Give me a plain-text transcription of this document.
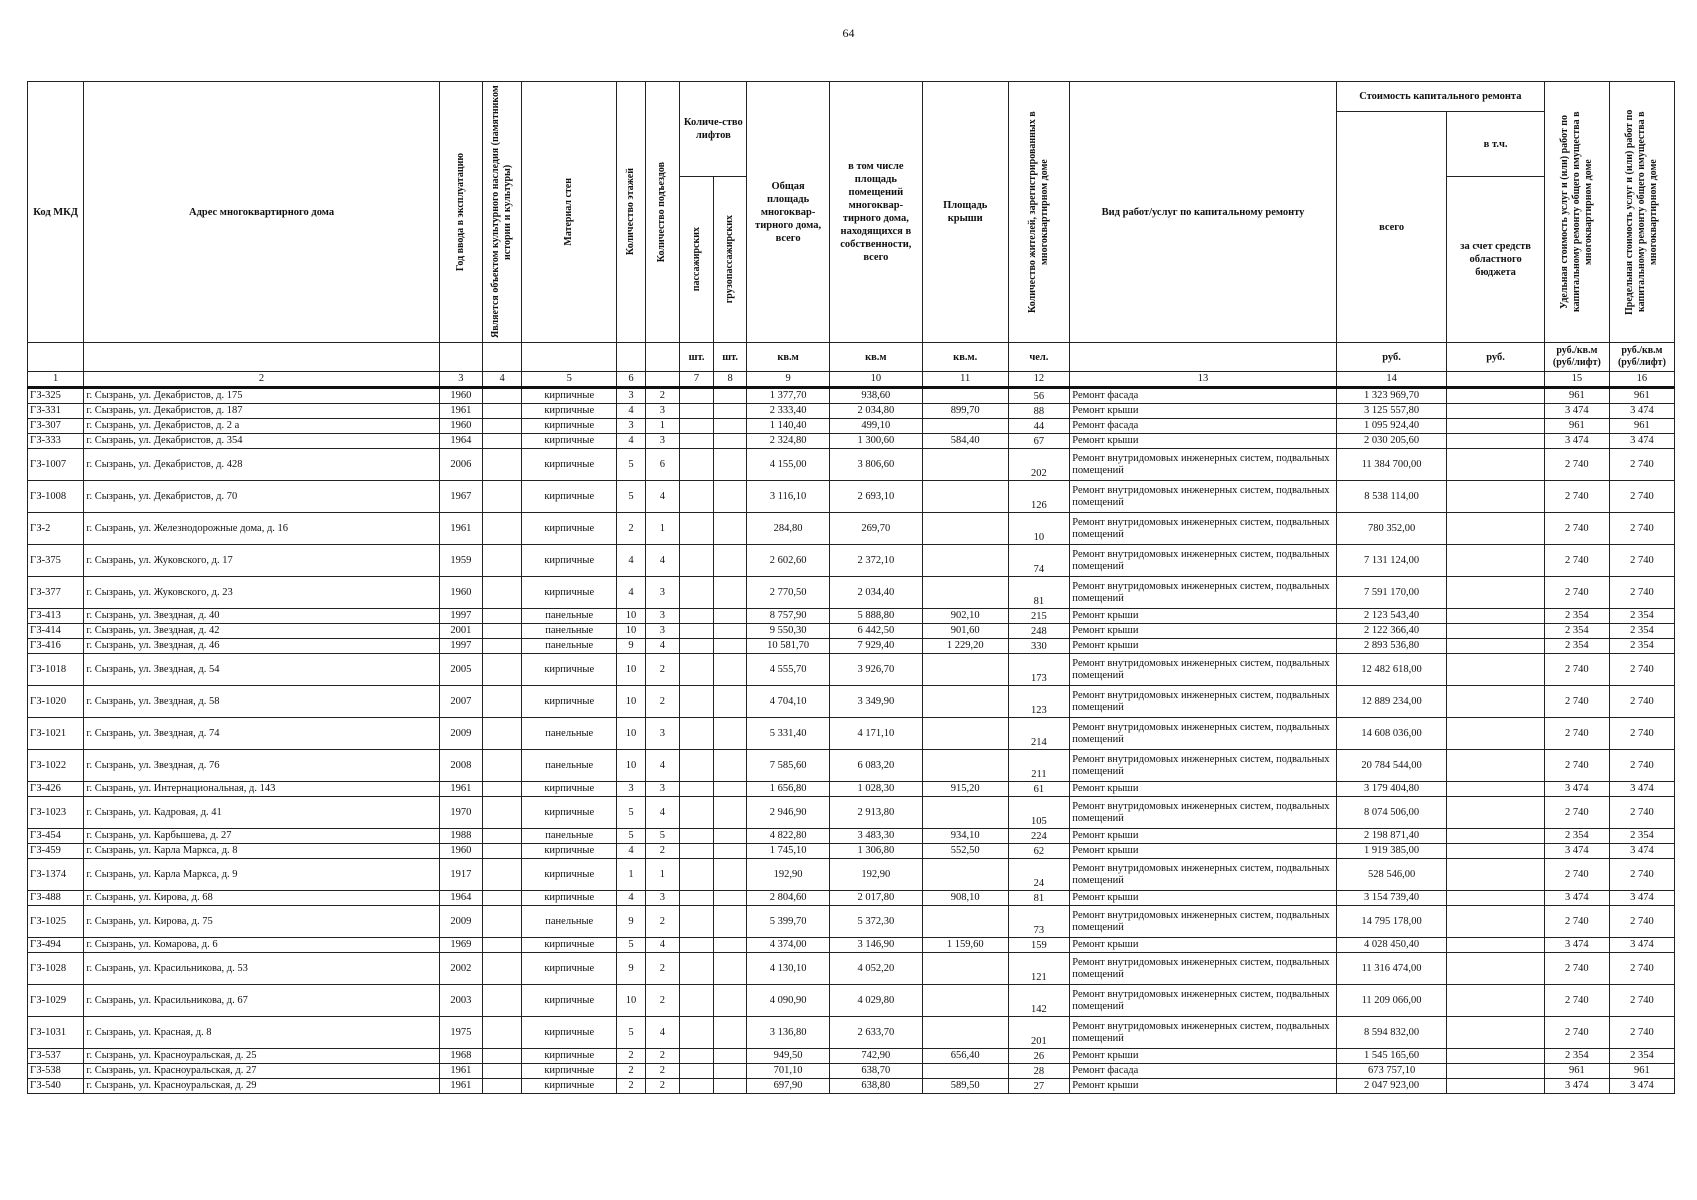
64
Код МКД	Адрес многоквартирного дома	Год ввода в эксплуатацию	Является объектом культурного наследия (памятником истории и культуры)	Материал стен	Количество этажей	Количество подъездов	Количе-ство лифтов		Общая площадь многоквар-тирного дома, всего	в том числе площадь помещений многоквар-тирного дома, находящихся в собственности, всего	Площадь крыши	Количество жителей, зарегистрированных в многоквартирном доме	Вид работ/услуг по капитальному ремонту	Стоимость капитального ремонта		Удельная стоимость услуг и (или) работ по капитальному ремонту общего имущества в многоквартирном доме	Предельная стоимость услуг и (или) работ по капитальному ремонту общего имущества в многоквартирном доме

														всего	в т.ч.		

							пассажирских	грузопассажирских							за счет средств областного бюджета		
							шт.	шт.	кв.м	кв.м	кв.м.	чел.		руб.	руб.	руб./кв.м (руб/лифт)	руб./кв.м (руб/лифт)
1	2	3	4	5	6		7	8	9	10	11	12	13	14		15	16
ГЗ-325	г. Сызрань, ул. Декабристов, д. 175	1960		кирпичные	3	2			1 377,70	938,60		56	Ремонт фасада	1 323 969,70		961	961
ГЗ-331	г. Сызрань, ул. Декабристов, д. 187	1961		кирпичные	4	3			2 333,40	2 034,80	899,70	88	Ремонт крыши	3 125 557,80		3 474	3 474
ГЗ-307	г. Сызрань, ул. Декабристов, д. 2 а	1960		кирпичные	3	1			1 140,40	499,10		44	Ремонт фасада	1 095 924,40		961	961
ГЗ-333	г. Сызрань, ул. Декабристов, д. 354	1964		кирпичные	4	3			2 324,80	1 300,60	584,40	67	Ремонт крыши	2 030 205,60		3 474	3 474
ГЗ-1007	г. Сызрань, ул. Декабристов, д. 428	2006		кирпичные	5	6			4 155,00	3 806,60		202	Ремонт внутридомовых инженерных систем, подвальных помещений	11 384 700,00		2 740	2 740
ГЗ-1008	г. Сызрань, ул. Декабристов, д. 70	1967		кирпичные	5	4			3 116,10	2 693,10		126	Ремонт внутридомовых инженерных систем, подвальных помещений	8 538 114,00		2 740	2 740
ГЗ-2	г. Сызрань, ул. Железнодорожные дома, д. 16	1961		кирпичные	2	1			284,80	269,70		10	Ремонт внутридомовых инженерных систем, подвальных помещений	780 352,00		2 740	2 740
ГЗ-375	г. Сызрань, ул. Жуковского, д. 17	1959		кирпичные	4	4			2 602,60	2 372,10		74	Ремонт внутридомовых инженерных систем, подвальных помещений	7 131 124,00		2 740	2 740
ГЗ-377	г. Сызрань, ул. Жуковского, д. 23	1960		кирпичные	4	3			2 770,50	2 034,40		81	Ремонт внутридомовых инженерных систем, подвальных помещений	7 591 170,00		2 740	2 740
ГЗ-413	г. Сызрань, ул. Звездная, д. 40	1997		панельные	10	3			8 757,90	5 888,80	902,10	215	Ремонт крыши	2 123 543,40		2 354	2 354
ГЗ-414	г. Сызрань, ул. Звездная, д. 42	2001		панельные	10	3			9 550,30	6 442,50	901,60	248	Ремонт крыши	2 122 366,40		2 354	2 354
ГЗ-416	г. Сызрань, ул. Звездная, д. 46	1997		панельные	9	4			10 581,70	7 929,40	1 229,20	330	Ремонт крыши	2 893 536,80		2 354	2 354
ГЗ-1018	г. Сызрань, ул. Звездная, д. 54	2005		кирпичные	10	2			4 555,70	3 926,70		173	Ремонт внутридомовых инженерных систем, подвальных помещений	12 482 618,00		2 740	2 740
ГЗ-1020	г. Сызрань, ул. Звездная, д. 58	2007		кирпичные	10	2			4 704,10	3 349,90		123	Ремонт внутридомовых инженерных систем, подвальных помещений	12 889 234,00		2 740	2 740
ГЗ-1021	г. Сызрань, ул. Звездная, д. 74	2009		панельные	10	3			5 331,40	4 171,10		214	Ремонт внутридомовых инженерных систем, подвальных помещений	14 608 036,00		2 740	2 740
ГЗ-1022	г. Сызрань, ул. Звездная, д. 76	2008		панельные	10	4			7 585,60	6 083,20		211	Ремонт внутридомовых инженерных систем, подвальных помещений	20 784 544,00		2 740	2 740
ГЗ-426	г. Сызрань, ул. Интернациональная, д. 143	1961		кирпичные	3	3			1 656,80	1 028,30	915,20	61	Ремонт крыши	3 179 404,80		3 474	3 474
ГЗ-1023	г. Сызрань, ул. Кадровая, д. 41	1970		кирпичные	5	4			2 946,90	2 913,80		105	Ремонт внутридомовых инженерных систем, подвальных помещений	8 074 506,00		2 740	2 740
ГЗ-454	г. Сызрань, ул. Карбышева, д. 27	1988		панельные	5	5			4 822,80	3 483,30	934,10	224	Ремонт крыши	2 198 871,40		2 354	2 354
ГЗ-459	г. Сызрань, ул. Карла Маркса, д. 8	1960		кирпичные	4	2			1 745,10	1 306,80	552,50	62	Ремонт крыши	1 919 385,00		3 474	3 474
ГЗ-1374	г. Сызрань, ул. Карла Маркса, д. 9	1917		кирпичные	1	1			192,90	192,90		24	Ремонт внутридомовых инженерных систем, подвальных помещений	528 546,00		2 740	2 740
ГЗ-488	г. Сызрань, ул. Кирова, д. 68	1964		кирпичные	4	3			2 804,60	2 017,80	908,10	81	Ремонт крыши	3 154 739,40		3 474	3 474
ГЗ-1025	г. Сызрань, ул. Кирова, д. 75	2009		панельные	9	2			5 399,70	5 372,30		73	Ремонт внутридомовых инженерных систем, подвальных помещений	14 795 178,00		2 740	2 740
ГЗ-494	г. Сызрань, ул. Комарова, д. 6	1969		кирпичные	5	4			4 374,00	3 146,90	1 159,60	159	Ремонт крыши	4 028 450,40		3 474	3 474
ГЗ-1028	г. Сызрань, ул. Красильникова, д. 53	2002		кирпичные	9	2			4 130,10	4 052,20		121	Ремонт внутридомовых инженерных систем, подвальных помещений	11 316 474,00		2 740	2 740
ГЗ-1029	г. Сызрань, ул. Красильникова, д. 67	2003		кирпичные	10	2			4 090,90	4 029,80		142	Ремонт внутридомовых инженерных систем, подвальных помещений	11 209 066,00		2 740	2 740
ГЗ-1031	г. Сызрань, ул. Красная, д. 8	1975		кирпичные	5	4			3 136,80	2 633,70		201	Ремонт внутридомовых инженерных систем, подвальных помещений	8 594 832,00		2 740	2 740
ГЗ-537	г. Сызрань, ул. Красноуральская, д. 25	1968		кирпичные	2	2			949,50	742,90	656,40	26	Ремонт крыши	1 545 165,60		2 354	2 354
ГЗ-538	г. Сызрань, ул. Красноуральская, д. 27	1961		кирпичные	2	2			701,10	638,70		28	Ремонт фасада	673 757,10		961	961
ГЗ-540	г. Сызрань, ул. Красноуральская, д. 29	1961		кирпичные	2	2			697,90	638,80	589,50	27	Ремонт крыши	2 047 923,00		3 474	3 474
